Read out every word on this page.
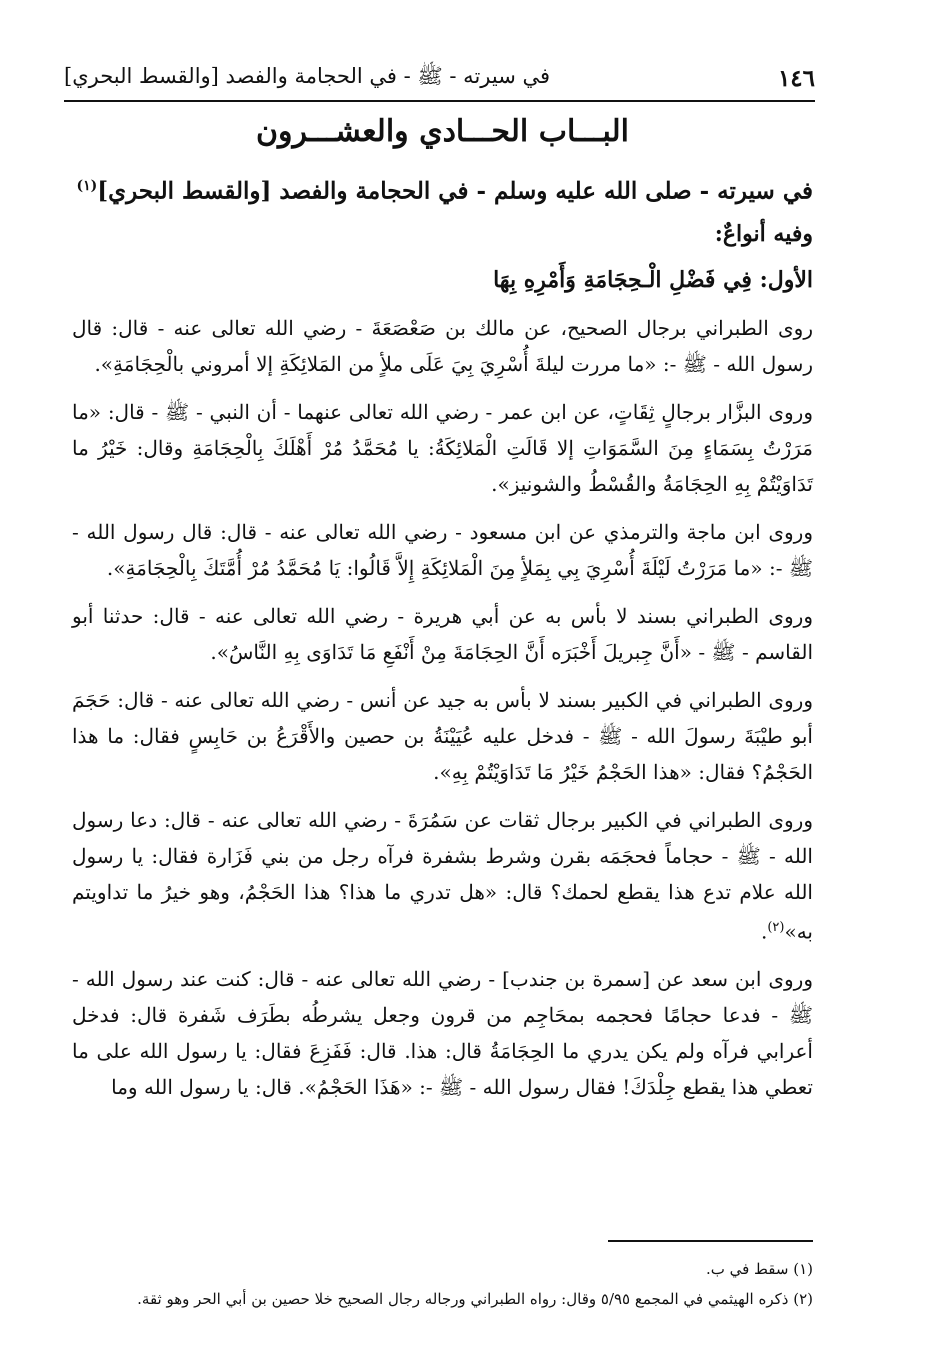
١٤٦
في سيرته - ﷺ - في الحجامة والفصد [والقسط البحري]
البـــاب الحـــادي والعشـــرون

في سيرته - صلى الله عليه وسلم - في الحجامة والفصد [والقسط البحري]$^{(١)}$

وفيه أنواعٌ:

الأول: فِي فَضْلِ الْـحِجَامَةِ وَأَمْرِهِ بِهَا

روى الطبراني برجال الصحيح، عن مالك بن صَعْصَعَةَ - رضي الله تعالى عنه - قال: قال رسول الله - ﷺ -: «ما مررت ليلةَ أُسْرِيَ بِيَ عَلَى ملأٍ من المَلائِكَةِ إلا أمروني بالْحِجَامَةِ».

وروى البزَّار برجالٍ ثِقَاتٍ، عن ابن عمر - رضي الله تعالى عنهما - أن النبي - ﷺ - قال: «ما مَرَرْتُ بِسَمَاءٍ مِنَ السَّمَوَاتِ إلا قَالَتِ الْمَلائِكَةُ: يا مُحَمَّدُ مُرْ أَهْلَكَ بِالْحِجَامَةِ وقال: خَيْرُ ما تَدَاوَيْتُمْ بِهِ الحِجَامَةُ والقُسْطُ والشونيز».

وروى ابن ماجة والترمذي عن ابن مسعود - رضي الله تعالى عنه - قال: قال رسول الله - ﷺ -: «ما مَرَرْتُ لَيْلَةَ أُسْرِيَ بِي بِمَلأٍ مِنَ الْمَلائِكَةِ إِلاَّ قَالُوا: يَا مُحَمَّدُ مُرْ أُمَّتَكَ بِالْحِجَامَةِ».

وروى الطبراني بسند لا بأس به عن أبي هريرة - رضي الله تعالى عنه - قال: حدثنا أبو القاسم - ﷺ - «أَنَّ جِبريلَ أَخْبَرَه أَنَّ الحِجَامَةَ مِنْ أَنْفَعِ مَا تَدَاوَى بِهِ النَّاسُ».

وروى الطبراني في الكبير بسند لا بأس به جيد عن أنس - رضي الله تعالى عنه - قال: حَجَمَ أبو طيْبَةَ رسولَ الله - ﷺ - فدخل عليه عُيَيْنَةُ بن حصين والأَقْرَعُ بن حَابِسٍ فقال: ما هذا الحَجْمُ؟ فقال: «هذا الحَجْمُ خَيْرُ مَا تَدَاوَيْتُمْ بِهِ».

وروى الطبراني في الكبير برجال ثقات عن سَمُرَةَ - رضي الله تعالى عنه - قال: دعا رسول الله - ﷺ - حجاماً فحجَمَه بقرن وشرط بشفرة فرآه رجل من بني فَزَارة فقال: يا رسول الله علام تدع هذا يقطع لحمك؟ قال: «هل تدري ما هذا؟ هذا الحَجْمُ، وهو خيرُ ما تداويتم به»$^{(٢)}$.

وروى ابن سعد عن [سمرة بن جندب] - رضي الله تعالى عنه - قال: كنت عند رسول الله - ﷺ - فدعا حجامًا فحجمه بمحَاجِم من قرون وجعل يشرطُه بطَرَف شَفرة قال: فدخل أعرابي فرآه ولم يكن يدري ما الحِجَامَةُ قال: هذا. قال: فَفَزِعَ فقال: يا رسول الله على ما تعطي هذا يقطع جِلْدَكَ! فقال رسول الله - ﷺ -: «هَذَا الحَجْمُ». قال: يا رسول الله وما

(١) سقط في ب.

(٢) ذكره الهيثمي في المجمع ٥/٩٥ وقال: رواه الطبراني ورجاله رجال الصحيح خلا حصين بن أبي الحر وهو ثقة.
